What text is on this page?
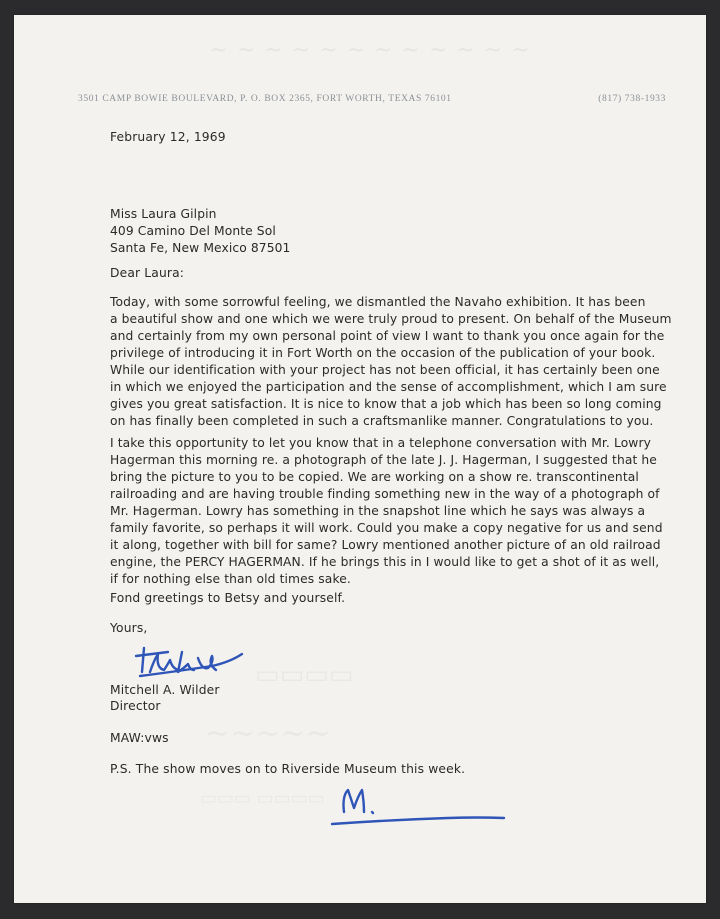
~ ~ ~ ~ ~ ~ ~ ~ ~ ~ ~ ~
3501 CAMP BOWIE BOULEVARD, P. O. BOX 2365, FORT WORTH, TEXAS 76101	(817) 738-1933
▭▭▭▭
∼∼∼∼∼
▭▭▭ ▭▭▭▭
February 12, 1969
Miss Laura Gilpin
409 Camino Del Monte Sol
Santa Fe, New Mexico 87501
Dear Laura:
Today, with some sorrowful feeling, we dismantled the Navaho exhibition. It has been
a beautiful show and one which we were truly proud to present. On behalf of the Museum
and certainly from my own personal point of view I want to thank you once again for the
privilege of introducing it in Fort Worth on the occasion of the publication of your book.
While our identification with your project has not been official, it has certainly been one
in which we enjoyed the participation and the sense of accomplishment, which I am sure
gives you great satisfaction. It is nice to know that a job which has been so long coming
on has finally been completed in such a craftsmanlike manner. Congratulations to you.
I take this opportunity to let you know that in a telephone conversation with Mr. Lowry
Hagerman this morning re. a photograph of the late J. J. Hagerman, I suggested that he
bring the picture to you to be copied. We are working on a show re. transcontinental
railroading and are having trouble finding something new in the way of a photograph of
Mr. Hagerman. Lowry has something in the snapshot line which he says was always a
family favorite, so perhaps it will work. Could you make a copy negative for us and send
it along, together with bill for same? Lowry mentioned another picture of an old railroad
engine, the PERCY HAGERMAN. If he brings this in I would like to get a shot of it as well,
if for nothing else than old times sake.
Fond greetings to Betsy and yourself.
Yours,
Mitchell A. Wilder
Director
MAW:vws
P.S. The show moves on to Riverside Museum this week.
